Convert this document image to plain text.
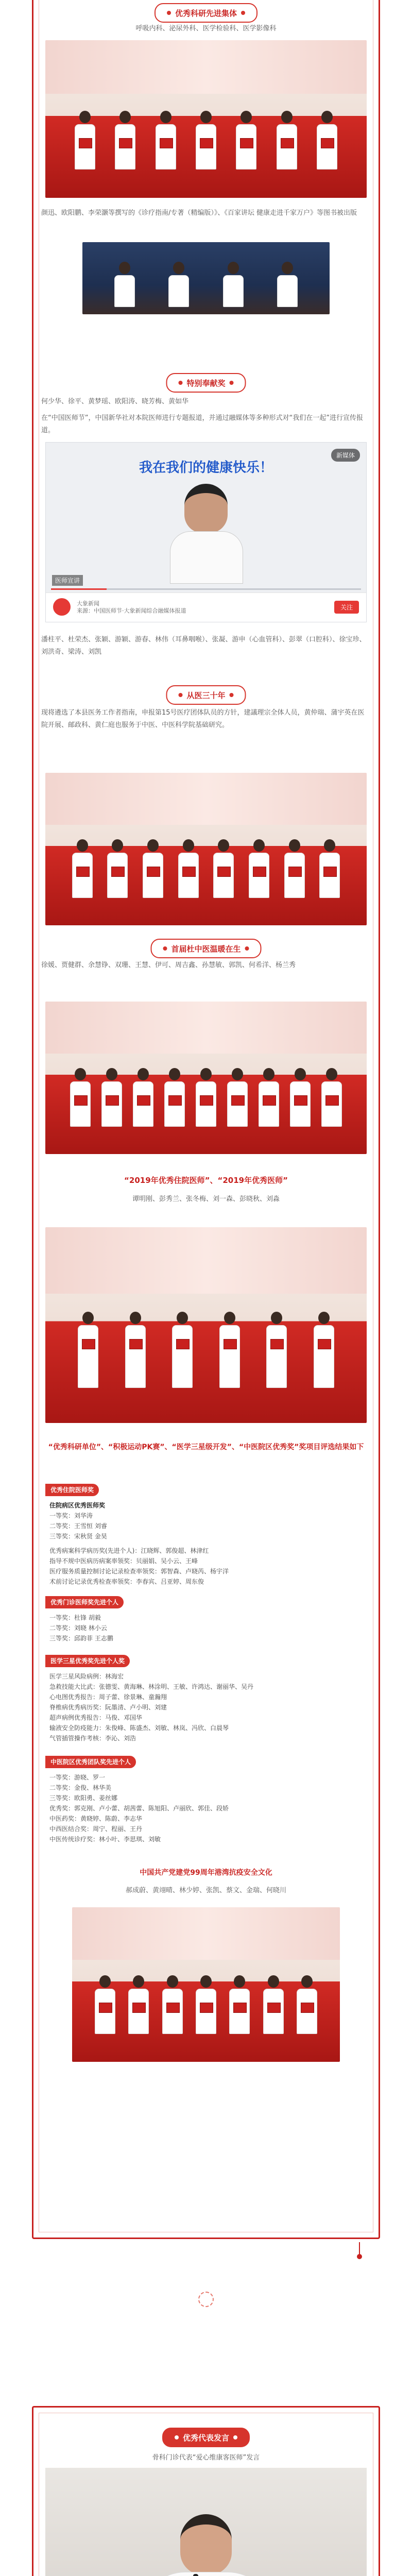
优秀科研先进集体
呼吸内科、泌尿外科、医学检验科、医学影像科
颜迅、欧阳鹏、李荣灏等撰写的《诊疗指南/专著（精编版）》、《百家讲坛 健康走进千家万户》等图书被出版
特别奉献奖
何少华、徐平、黄梦瑶、欧阳涛、晓芳梅、黄如华
在“中国医师节”，中国新华社对本院医师进行专题报道，并通过融媒体等多种形式对“我们在一起”进行宣传报道。
我在我们的健康快乐！
新媒体
医师宣讲
大象新闻
来源：中国医师节·大象新闻综合融媒体报道	关注
潘柱平、杜荣杰、张颖、游颖、游春、林伟（耳鼻咽喉）、张凝、游申（心血管科）、彭翠（口腔科）、徐宝珍、刘洪奇、梁涛、刘凯
从医三十年
现将遴选了本县医务工作者指南，申报第15号医疗团体队员的方针，建議理宗全体人员，黄仲瑞、蒲宇英在医院开展、邮政科、黄仁庭也服务于中医、中医科学院基础研究。
首届杜中医温暖在生
徐媛、贾健群、余慧铮、双珊、王慧、伊可、周吉鑫、孙慧敏、郭凯、何希洋、杨兰秀
“2019年优秀住院医师”、“2019年优秀医师”
谭明刚、彭秀兰、张冬梅、刘一森、彭晓秋、刘淼
“优秀科研单位”、“积极运动PK赛”、“医学三星级开发”、“中医院区优秀奖”奖项目评选结果如下
优秀住院医师奖
住院病区优秀医师奖
一等奖：刘华涛
二等奖：王雪恒 刘睿
三等奖：宋秋贤 金昊
优秀病案科学病历奖(先进个人)：江晓辉、郭俊超、林津红
指导不规中医病历病案率领奖：贝丽娟、吴小云、王峰
医疗服务质量控制讨论记录检查率领奖：郭智森、卢晓芮、杨宇洋
术前讨论记录优秀检查率领奖：李春宾、吕亚婷、周东俊
优秀门诊医师奖先进个人
一等奖：杜锋 胡毅
二等奖：刘晓 林小云
三等奖：邱韵菲 王志鹏
医学三星优秀奖先进个人奖
医学三星风险病例：林海宏
急救技能大比武：张德雯、黄海琳、林涂明、王敏、许鸿达、谢丽华、吴丹
心电图优秀报告：周子蕾、徐景琳、童瀚翔
脊椎病优秀病历奖：阮墨清、卢小明、刘建
超声病例优秀报告：马俊、邓国华
输液安全防疫能力：朱俊峰、陈盛杰、刘敏、林岚、冯欣、白晨琴
气管插管操作考核：李沁、刘浩
中医院区优秀团队奖先进个人
一等奖：游晓、罗一
二等奖：金俊、林华美
三等奖：欧阳勇、姜丝娜
优秀奖：郭克刚、卢小蕾、胡茜蕾、陈旭阳、卢丽欣、郭佳、段娇
中医药奖：黄晓婷、陈蔚、李志华
中西医结合奖：周宁、程丽、王丹
中医传统诊疗奖：林小叶、李思琪、刘敏
中国共产党建党99周年港湾抗疫安全文化
郝成蔚、黄翊晴、林少婷、张凯、蔡文、金瑞、何晓川
优秀代表发言
骨科门诊代表“爱心维康客医师”发言
